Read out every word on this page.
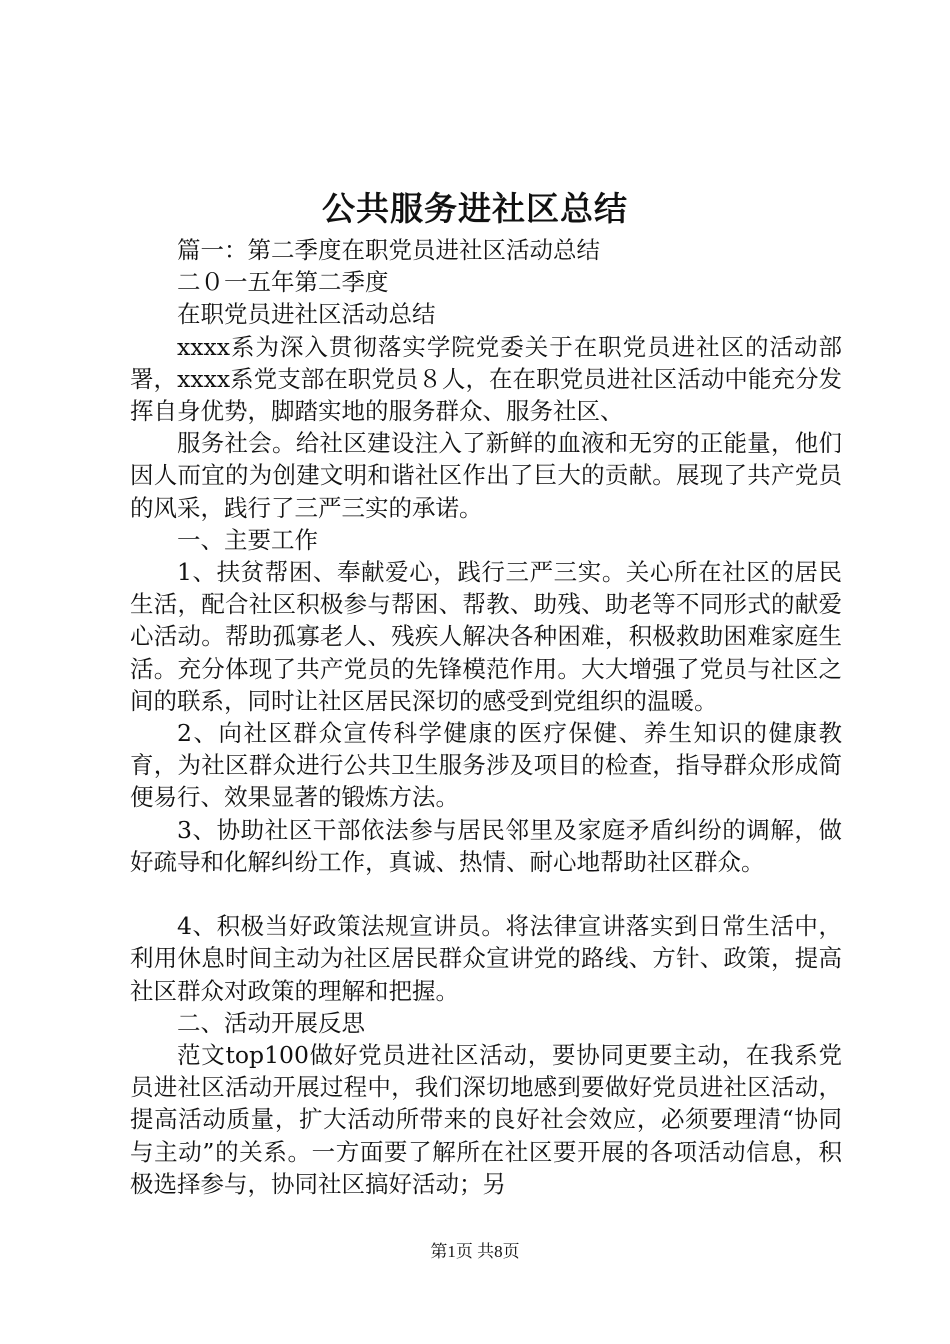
公共服务进社区总结

篇一：第二季度在职党员进社区活动总结

二０一五年第二季度

在职党员进社区活动总结

xxxx系为深入贯彻落实学院党委关于在职党员进社区的活动部署，xxxx系党支部在职党员８人，在在职党员进社区活动中能充分发挥自身优势，脚踏实地的服务群众、服务社区、

服务社会。给社区建设注入了新鲜的血液和无穷的正能量，他们因人而宜的为创建文明和谐社区作出了巨大的贡献。展现了共产党员的风采，践行了三严三实的承诺。

一、主要工作

1、扶贫帮困、奉献爱心，践行三严三实。关心所在社区的居民生活，配合社区积极参与帮困、帮教、助残、助老等不同形式的献爱心活动。帮助孤寡老人、残疾人解决各种困难，积极救助困难家庭生活。充分体现了共产党员的先锋模范作用。大大增强了党员与社区之间的联系，同时让社区居民深切的感受到党组织的温暖。

2、向社区群众宣传科学健康的医疗保健、养生知识的健康教育，为社区群众进行公共卫生服务涉及项目的检查，指导群众形成简便易行、效果显著的锻炼方法。

3、协助社区干部依法参与居民邻里及家庭矛盾纠纷的调解，做好疏导和化解纠纷工作，真诚、热情、耐心地帮助社区群众。

4、积极当好政策法规宣讲员。将法律宣讲落实到日常生活中，利用休息时间主动为社区居民群众宣讲党的路线、方针、政策，提高社区群众对政策的理解和把握。

二、活动开展反思

范文top100做好党员进社区活动，要协同更要主动，在我系党员进社区活动开展过程中，我们深切地感到要做好党员进社区活动，提高活动质量，扩大活动所带来的良好社会效应，必须要理清“协同与主动”的关系。一方面要了解所在社区要开展的各项活动信息，积极选择参与，协同社区搞好活动；另

第1页 共8页
